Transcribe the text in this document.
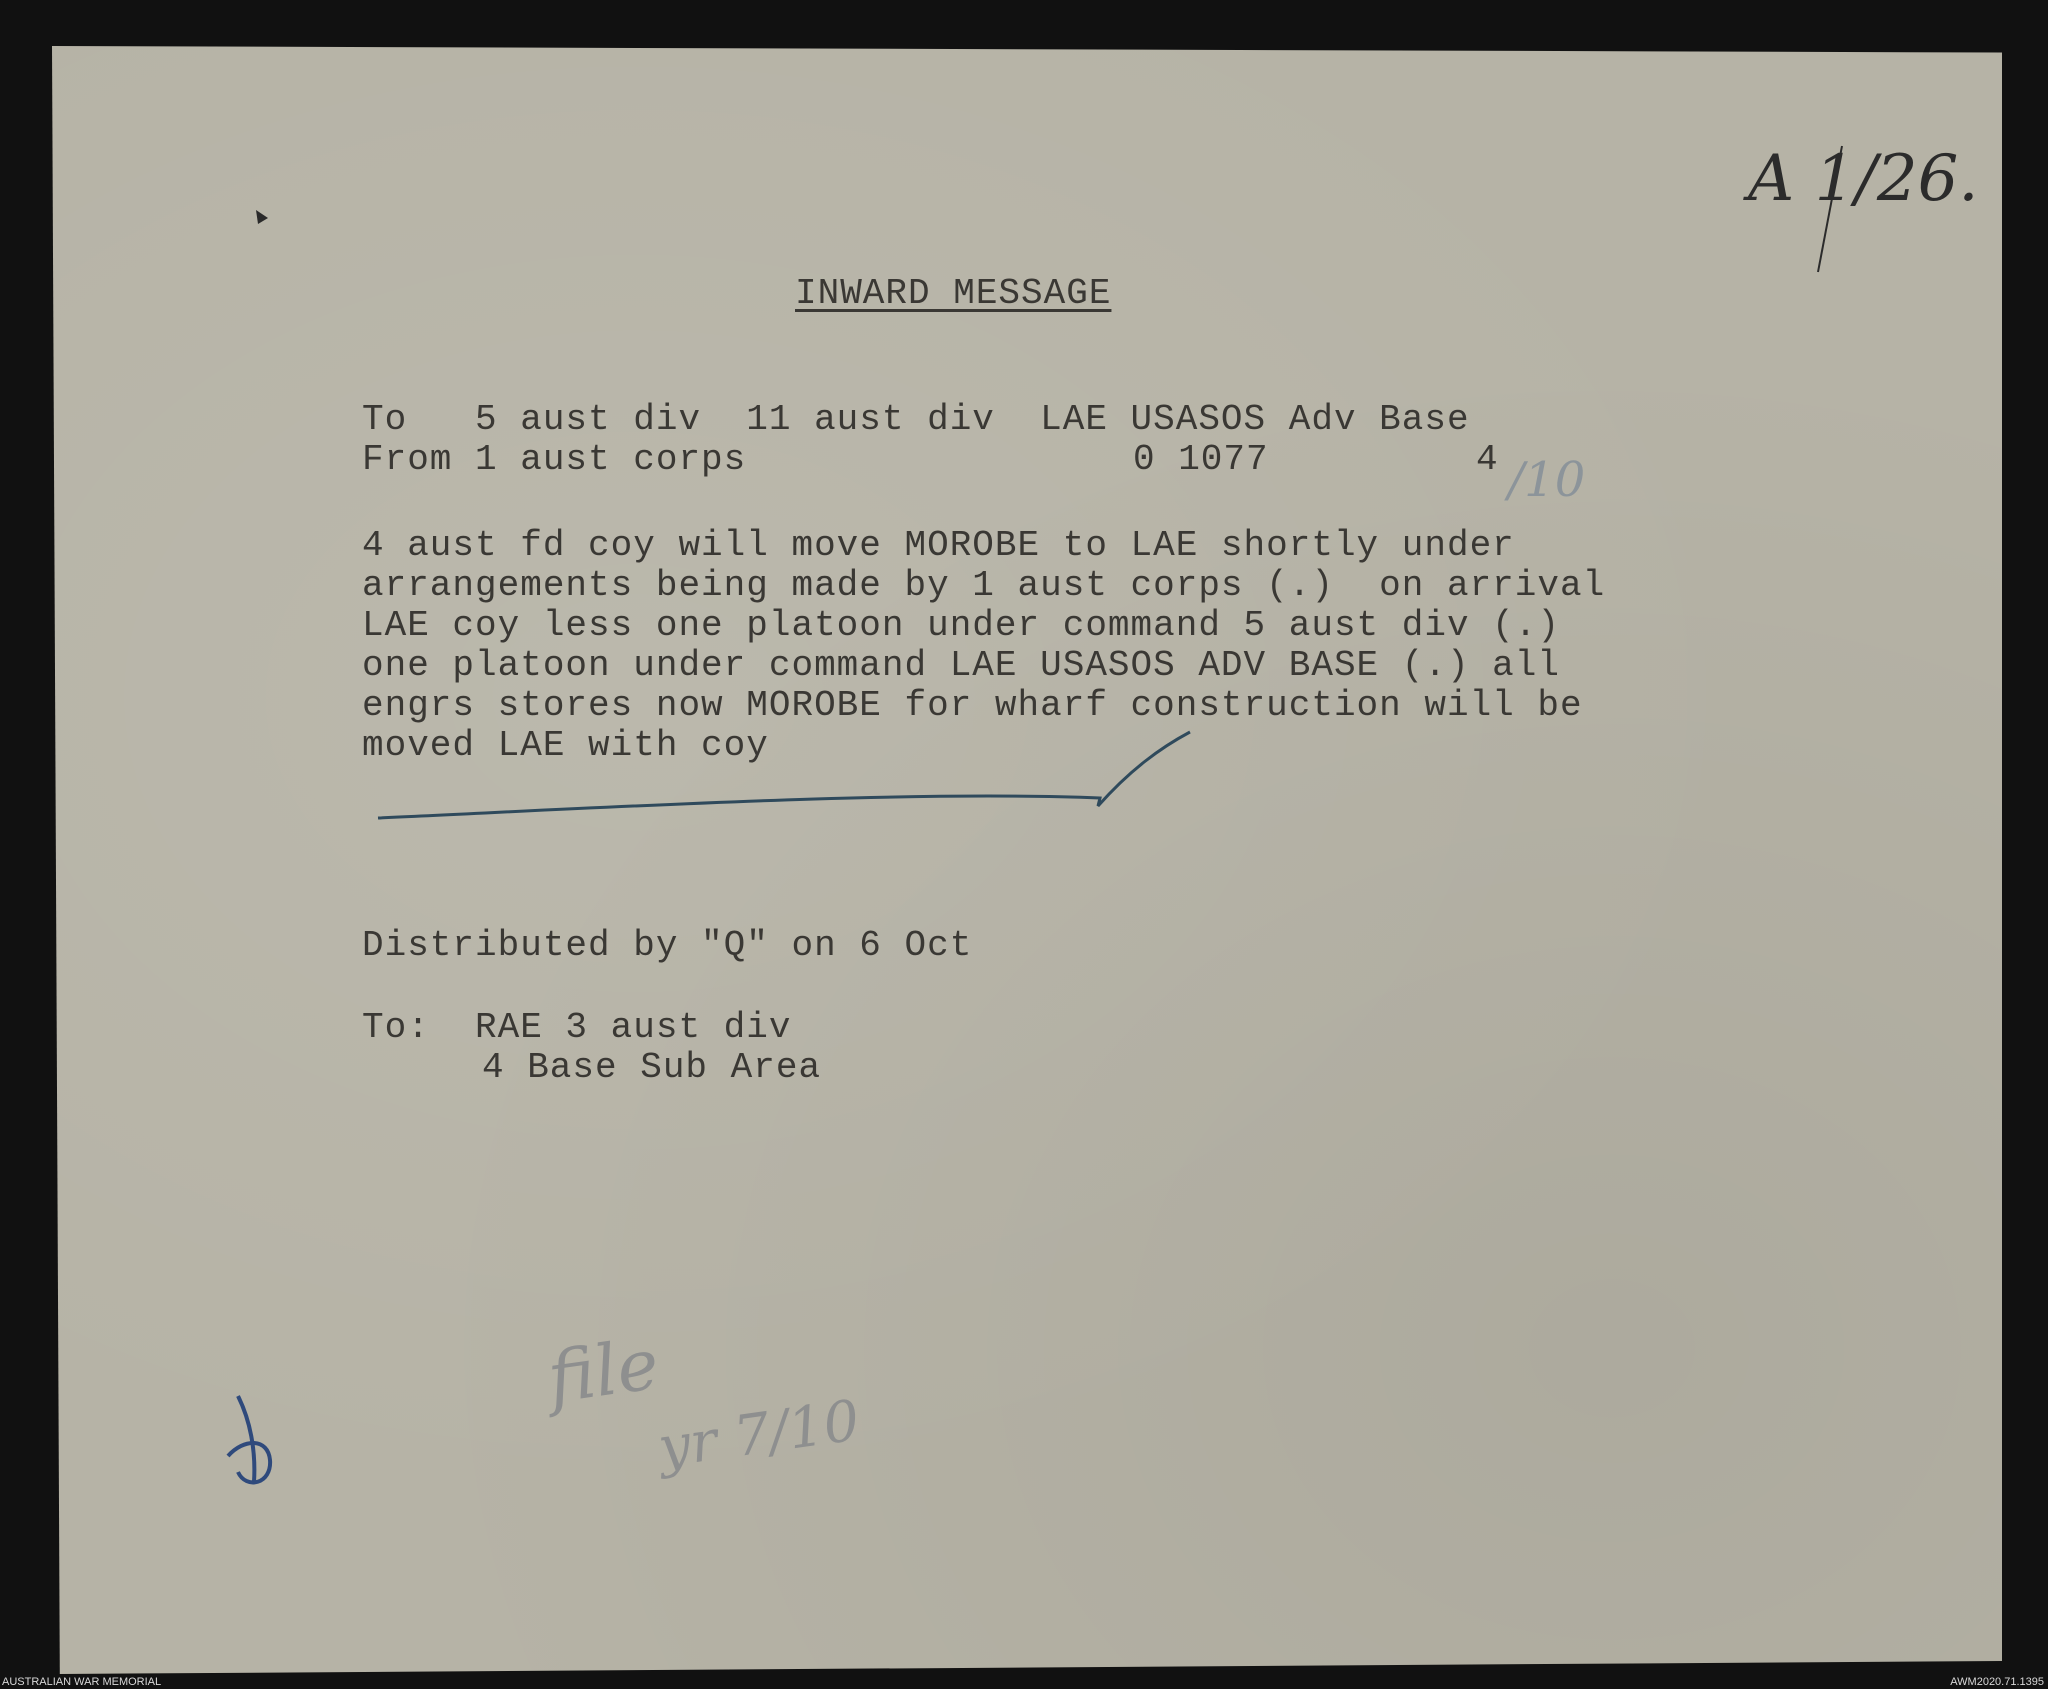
A 1/26.
INWARD MESSAGE
To   5 aust div  11 aust div  LAE USASOS Adv Base
From 1 aust corps	0 1077	4 /10
4 aust fd coy will move MOROBE to LAE shortly under
arrangements being made by 1 aust corps (.)  on arrival
LAE coy less one platoon under command 5 aust div (.)
one platoon under command LAE USASOS ADV BASE (.) all
engrs stores now MOROBE for wharf construction will be
moved LAE with coy
Distributed by "Q" on 6 Oct
To:  RAE 3 aust div
4 Base Sub Area
file
yr 7/10
AUSTRALIAN WAR MEMORIAL	AWM2020.71.1395
